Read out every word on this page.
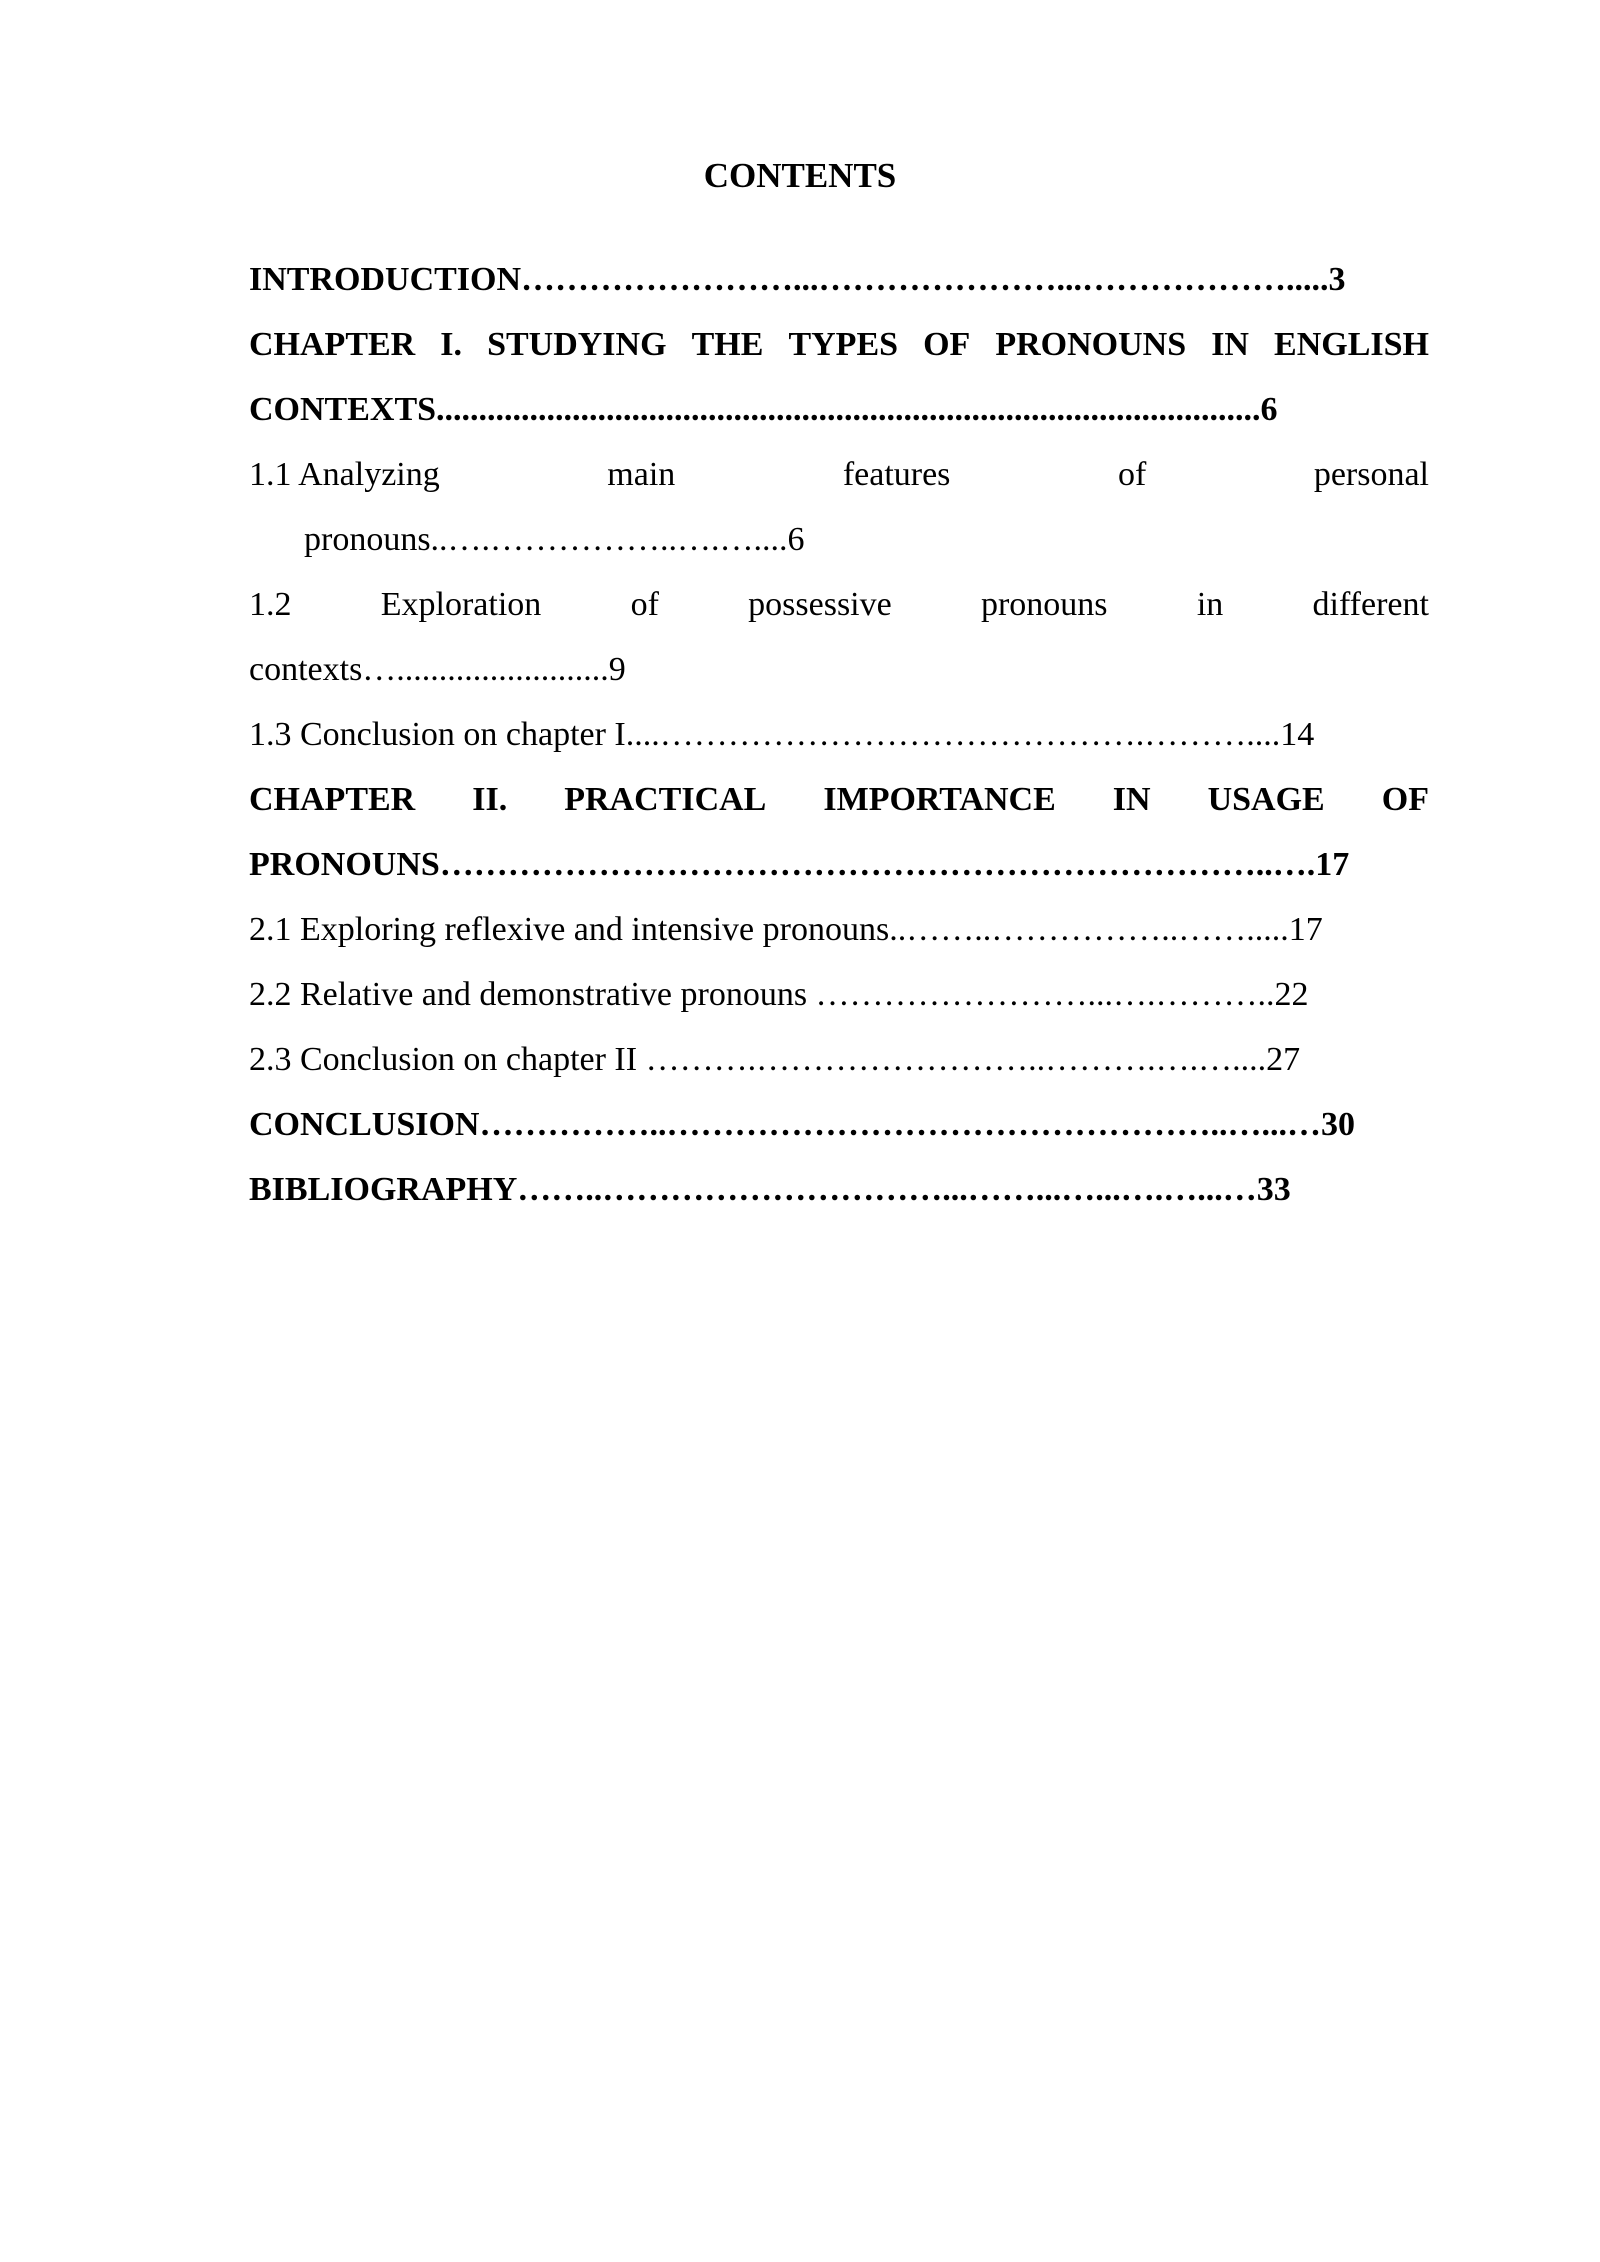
CONTENTS
INTRODUCTION……………………...…………………...……………….....3
CHAPTER I. STUDYING THE TYPES OF PRONOUNS IN ENGLISH
CONTEXTS.................................................................................................6
1.1 Analyzing	main	features	of	personal
pronouns..….……………..….…....6
1.2	Exploration	of	possessive	pronouns	in	different
contexts….........................9
1.3 Conclusion on chapter I....…………………………………….………....14
CHAPTER II. PRACTICAL IMPORTANCE IN USAGE OF
PRONOUNS………………………………………………………………..….17
2.1 Exploring reflexive and intensive pronouns..……..……………..…….....17
2.2 Relative and demonstrative pronouns ……………………...….………..22
2.3 Conclusion on chapter II ……….……………………..……….….…....27
CONCLUSION……………..…………………………………………..…...…30
BIBLIOGRAPHY……..…………………………...……...…...….…...…33
